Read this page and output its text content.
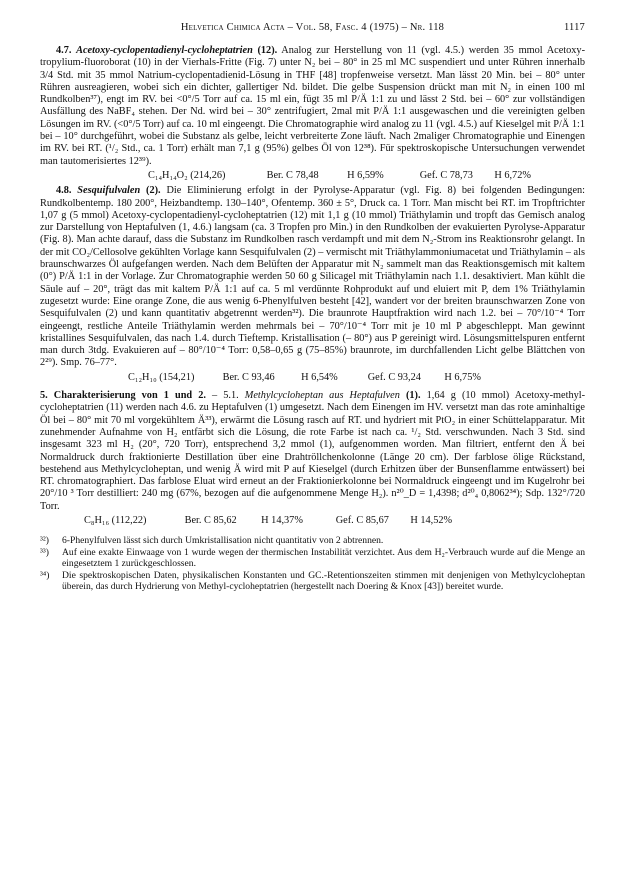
Helvetica Chimica Acta – Vol. 58, Fasc. 4 (1975) – Nr. 118	1117

4.7. Acetoxy-cyclopentadienyl-cycloheptatrien (12). Analog zur Herstellung von 11 (vgl. 4.5.) werden 35 mmol Acetoxy-tropylium-fluoroborat (10) in der Vierhals-Fritte (Fig. 7) unter N₂ bei – 80° in 25 ml MC suspendiert und unter Rühren innerhalb 3/4 Std. mit 35 mmol Natrium-cyclopentadienid-Lösung in THF [48] tropfenweise versetzt. Man lässt 20 Min. bei – 80° unter Rühren ausreagieren, wobei sich ein dichter, gallertiger Nd. bildet. Die gelbe Suspension drückt man mit N₂ in einen 100 ml Rundkolben³⁷), engt im RV. bei <0°/5 Torr auf ca. 15 ml ein, fügt 35 ml P/Ä 1:1 zu und lässt 2 Std. bei – 60° zur vollständigen Ausfällung des NaBF₄ stehen. Der Nd. wird bei – 30° zentrifugiert, 2mal mit P/Ä 1:1 ausgewaschen und die vereinigten gelben Lösungen im RV. (<0°/5 Torr) auf ca. 10 ml eingeengt. Die Chromatographie wird analog zu 11 (vgl. 4.5.) auf Kieselgel mit P/Ä 1:1 bei – 10° durchgeführt, wobei die Substanz als gelbe, leicht verbreiterte Zone läuft. Nach 2maliger Chromatographie und Einengen im RV. bei RT. (¹/₂ Std., ca. 1 Torr) erhält man 7,1 g (95%) gelbes Öl von 12³⁸). Für spektroskopische Untersuchungen verwendet man tautomerisiertes 12³⁹).

C₁₄H₁₄O₂ (214,26)	Ber. C 78,48	H 6,59%	Gef. C 78,73 H 6,72%

4.8. Sesquifulvalen (2). Die Eliminierung erfolgt in der Pyrolyse-Apparatur (vgl. Fig. 8) bei folgenden Bedingungen: Rundkolbentemp. 180 200°, Heizbandtemp. 130–140°, Ofentemp. 360 ± 5°, Druck ca. 1 Torr. Man mischt bei RT. im Tropftrichter 1,07 g (5 mmol) Acetoxy-cyclopentadienyl-cycloheptatrien (12) mit 1,1 g (10 mmol) Triäthylamin und tropft das Gemisch analog zur Darstellung von Heptafulven (1, 4.6.) langsam (ca. 3 Tropfen pro Min.) in den Rundkolben der evakuierten Pyrolyse-Apparatur (Fig. 8). Man achte darauf, dass die Substanz im Rundkolben rasch verdampft und mit dem N₂-Strom ins Reaktionsrohr gelangt. In der mit CO₂/Cellosolve gekühlten Vorlage kann Sesquifulvalen (2) – vermischt mit Triäthylammoniumacetat und Triäthylamin – als braunschwarzes Öl aufgefangen werden. Nach dem Belüften der Apparatur mit N₂ sammelt man das Reaktionsgemisch mit kaltem (0°) P/Ä 1:1 in der Vorlage. Zur Chromatographie werden 50 60 g Silicagel mit Triäthylamin nach 1.1. desaktiviert. Man kühlt die Säule auf – 20°, trägt das mit kaltem P/Ä 1:1 auf ca. 5 ml verdünnte Rohprodukt auf und eluiert mit P, dem 1% Triäthylamin zugesetzt wurde: Eine orange Zone, die aus wenig 6-Phenylfulven besteht [42], wandert vor der breiten braunschwarzen Zone von Sesquifulvalen (2) und kann quantitativ abgetrennt werden³²). Die braunrote Hauptfraktion wird nach 1.2. bei – 70°/10⁻⁴ Torr eingeengt, restliche Anteile Triäthylamin werden mehrmals bei – 70°/10⁻⁴ Torr mit je 10 ml P abgeschleppt. Man gewinnt kristallines Sesquifulvalen, das nach 1.4. durch Tieftemp. Kristallisation (– 80°) aus P gereinigt wird. Lösungsmittelspuren entfernt man durch 3tdg. Evakuieren auf – 80°/10⁻⁴ Torr: 0,58–0,65 g (75–85%) braunrote, im durchfallenden Licht gelbe Blättchen von 2²⁹). Smp. 76–77°.

C₁₂H₁₀ (154,21)	Ber. C 93,46	H 6,54%	Gef. C 93,24 H 6,75%

5. Charakterisierung von 1 und 2. – 5.1. Methylcycloheptan aus Heptafulven (1). 1,64 g (10 mmol) Acetoxy-methyl-cycloheptatrien (11) werden nach 4.6. zu Heptafulven (1) umgesetzt. Nach dem Einengen im HV. versetzt man das rote aminhaltige Öl bei – 80° mit 70 ml vorgekühltem Ä³³), erwärmt die Lösung rasch auf RT. und hydriert mit PtO₂ in einer Schüttelapparatur. Mit zunehmender Aufnahme von H₂ entfärbt sich die Lösung, die rote Farbe ist nach ca. ¹/₂ Std. verschwunden. Nach 3 Std. sind insgesamt 323 ml H₂ (20°, 720 Torr), entsprechend 3,2 mmol (1), aufgenommen worden. Man filtriert, entfernt den Ä bei Normaldruck durch fraktionierte Destillation über eine Drahtröllchenkolonne (Länge 20 cm). Der farblose ölige Rückstand, bestehend aus Methylcycloheptan, und wenig Ä wird mit P auf Kieselgel (durch Erhitzen über der Bunsenflamme entwässert) bei RT. chromatographiert. Das farblose Eluat wird erneut an der Fraktionierkolonne bei Normaldruck eingeengt und im Kugelrohr bei 20°/10 ³ Torr destilliert: 240 mg (67%, bezogen auf die aufgenommene Menge H₂). n²⁰_D = 1,4398; d²⁰₄ 0,8062³⁴); Sdp. 132°/720 Torr.

C₈H₁₆ (112,22)	Ber. C 85,62 H 14,37%	Gef. C 85,67 H 14,52%
³²)	6-Phenylfulven lässt sich durch Umkristallisation nicht quantitativ von 2 abtrennen.
³³)	Auf eine exakte Einwaage von 1 wurde wegen der thermischen Instabilität verzichtet. Aus dem H₂-Verbrauch wurde auf die Menge an eingesetztem 1 zurückgeschlossen.
³⁴)	Die spektroskopischen Daten, physikalischen Konstanten und GC.-Retentionszeiten stimmen mit denjenigen von Methylcycloheptan überein, das durch Hydrierung von Methyl-cycloheptatrien (hergestellt nach Doering & Knox [43]) bereitet wurde.
